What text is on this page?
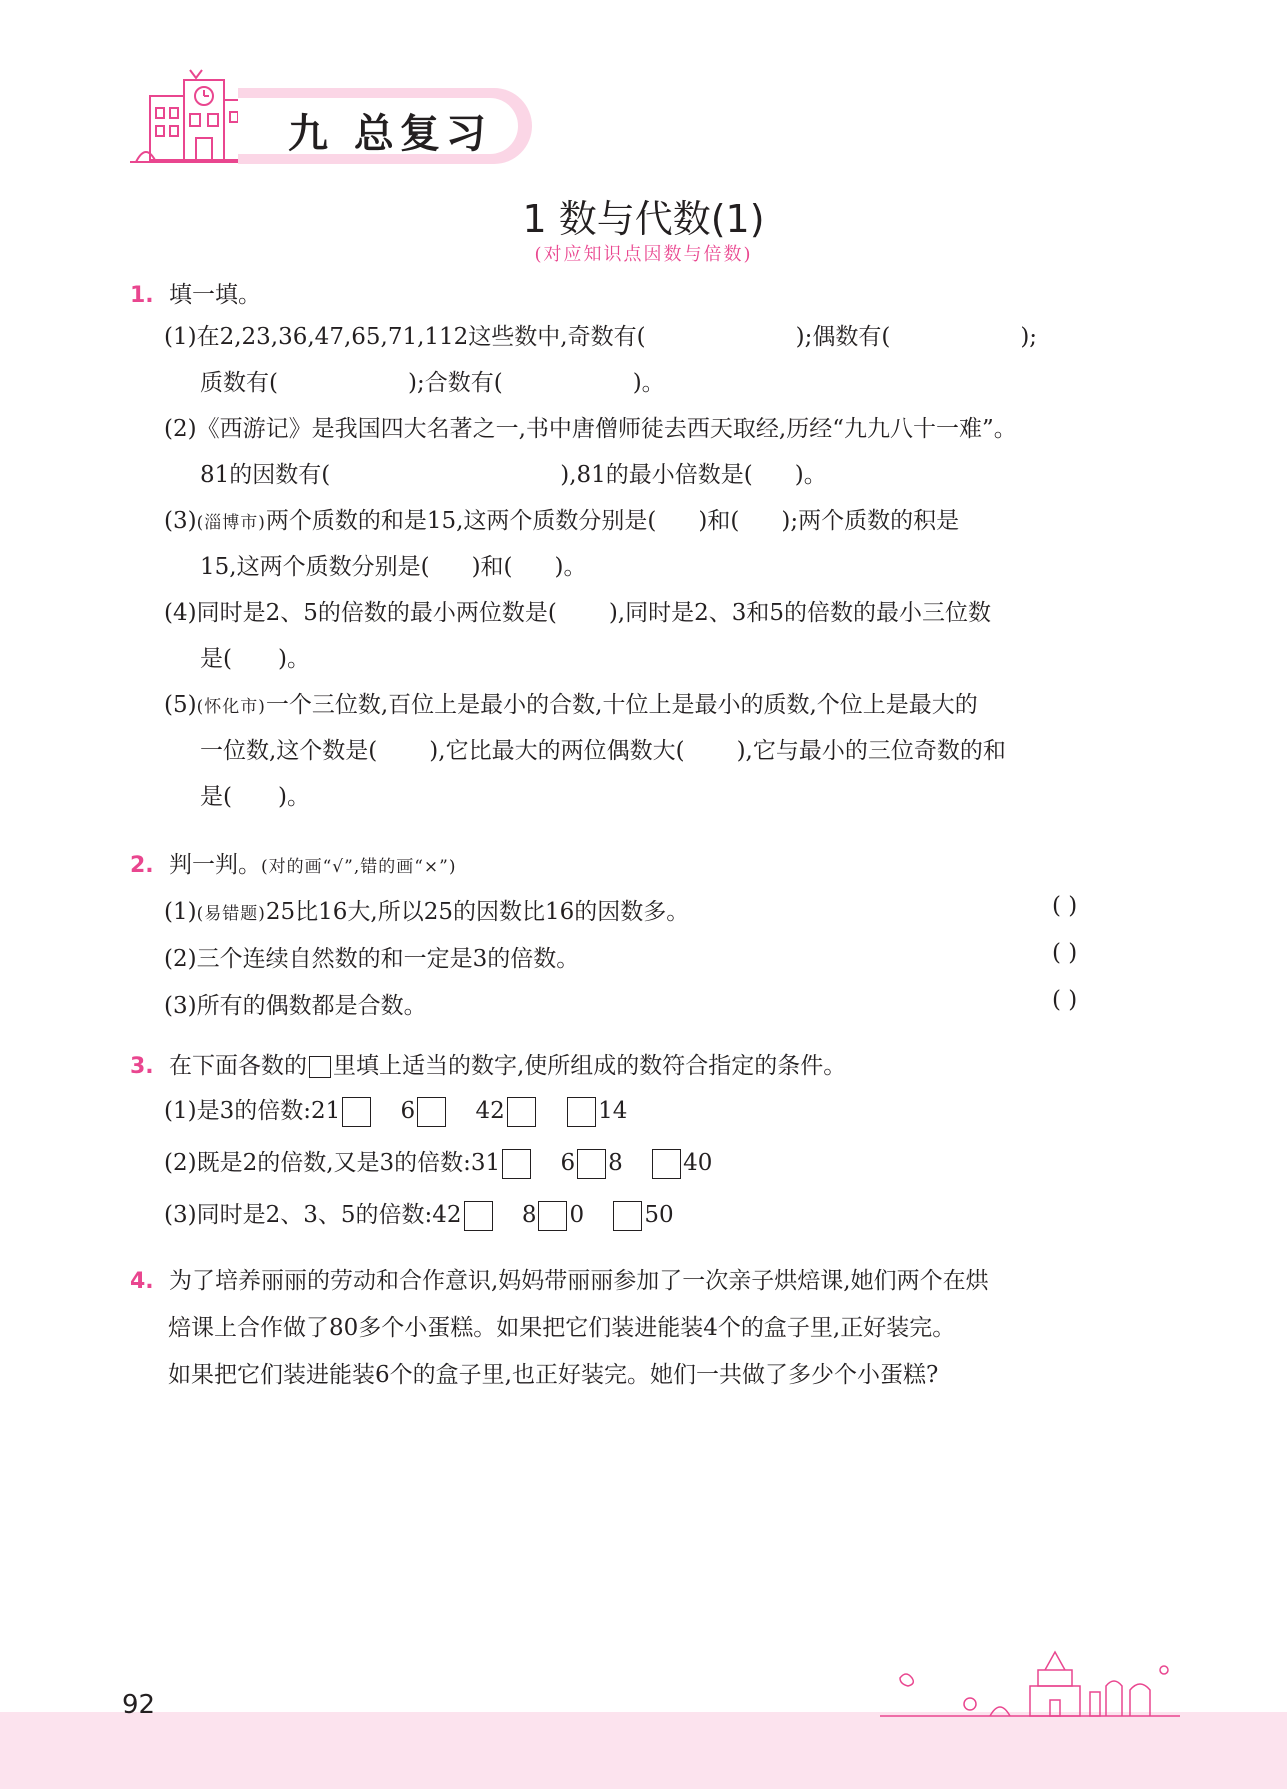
九 总复习
1 数与代数(1)
(对应知识点因数与倍数)
1. 填一填。
(1)在2,23,36,47,65,71,112这些数中,奇数有(	);偶数有(	);
质数有(	);合数有(	)。
(2)《西游记》是我国四大名著之一,书中唐僧师徒去西天取经,历经“九九八十一难”。
81的因数有(	),81的最小倍数是( )。
(3)(淄博市)两个质数的和是15,这两个质数分别是( )和( );两个质数的积是
15,这两个质数分别是( )和( )。
(4)同时是2、5的倍数的最小两位数是( ),同时是2、3和5的倍数的最小三位数
是( )。
(5)(怀化市)一个三位数,百位上是最小的合数,十位上是最小的质数,个位上是最大的
一位数,这个数是( ),它比最大的两位偶数大( ),它与最小的三位奇数的和
是( )。
2. 判一判。(对的画“√”,错的画“×”)
(1)(易错题)25比16大,所以25的因数比16的因数多。	( )
(2)三个连续自然数的和一定是3的倍数。	( )
(3)所有的偶数都是合数。	( )
3. 在下面各数的 里填上适当的数字,使所组成的数符合指定的条件。
(1)是3的倍数:21	6	42	14
(2)既是2的倍数,又是3的倍数:31	6 8	40
(3)同时是2、3、5的倍数:42	8 0	50
4. 为了培养丽丽的劳动和合作意识,妈妈带丽丽参加了一次亲子烘焙课,她们两个在烘
焙课上合作做了80多个小蛋糕。如果把它们装进能装4个的盒子里,正好装完。
如果把它们装进能装6个的盒子里,也正好装完。她们一共做了多少个小蛋糕?
92
